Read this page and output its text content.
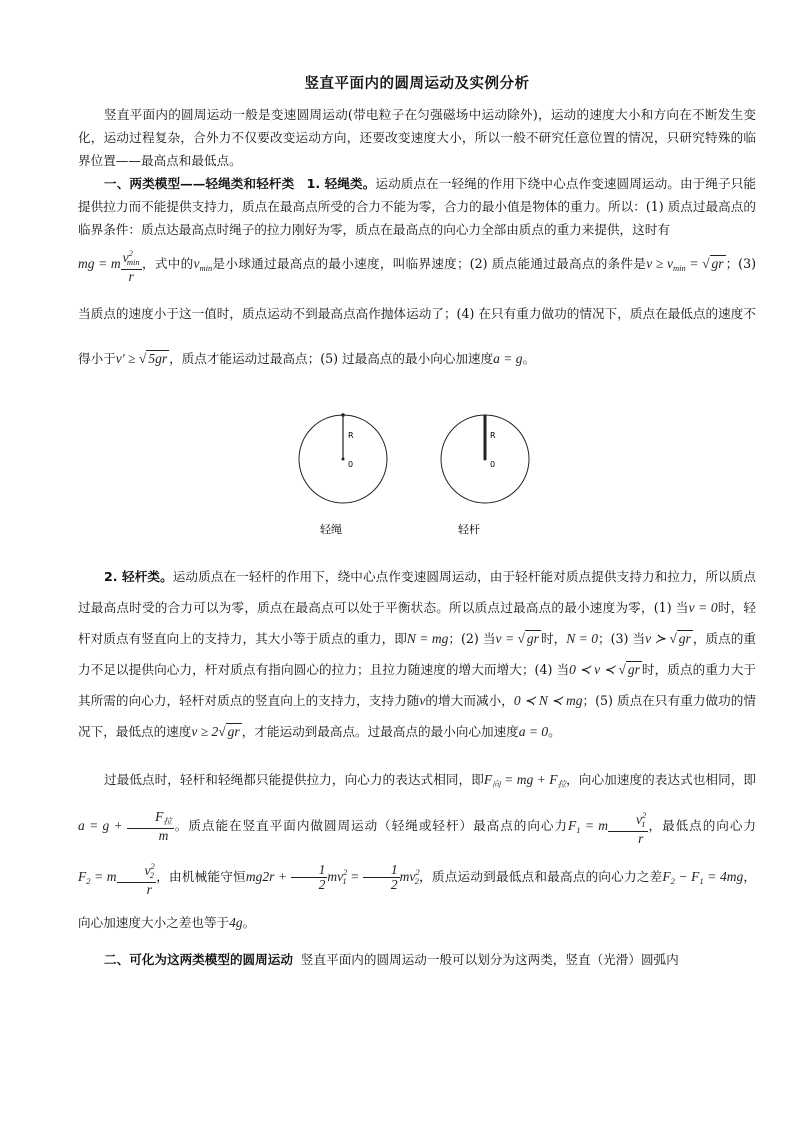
竖直平面内的圆周运动及实例分析

竖直平面内的圆周运动一般是变速圆周运动(带电粒子在匀强磁场中运动除外)，运动的速度大小和方向在不断发生变化，运动过程复杂，合外力不仅要改变运动方向，还要改变速度大小，所以一般不研究任意位置的情况，只研究特殊的临界位置——最高点和最低点。

一、两类模型——轻绳类和轻杆类 1. 轻绳类。运动质点在一轻绳的作用下绕中心点作变速圆周运动。由于绳子只能提供拉力而不能提供支持力，质点在最高点所受的合力不能为零，合力的最小值是物体的重力。所以：(1) 质点过最高点的临界条件：质点达最高点时绳子的拉力刚好为零，质点在最高点的向心力全部由质点的重力来提供，这时有

mg = m $\frac{v^2_{min}}{r}$ ，式中的$v_{min}$是小球通过最高点的最小速度，叫临界速度；(2) 质点能通过最高点的条件是$v \ge v_{min}$ = √ gr ；(3) 当质点的速度小于这一值时，质点运动不到最高点高作抛体运动了；(4) 在只有重力做功的情况下，质点在最低点的速度不得小于v′ ≥ √ 5gr ，质点才能运动过最高点；(5) 过最高点的最小向心加速度a = g。

R
0
轻绳
R
0
轻杆

2. 轻杆类。运动质点在一轻杆的作用下，绕中心点作变速圆周运动，由于轻杆能对质点提供支持力和拉力，所以质点过最高点时受的合力可以为零，质点在最高点可以处于平衡状态。所以质点过最高点的最小速度为零，(1) 当v = 0时，轻杆对质点有竖直向上的支持力，其大小等于质点的重力，即N = mg；(2) 当v = √ gr 时，N = 0；(3) 当v ≻ √ gr ，质点的重力不足以提供向心力，杆对质点有指向圆心的拉力；且拉力随速度的增大而增大；(4) 当0 ≺ v ≺ √ gr 时，质点的重力大于其所需的向心力，轻杆对质点的竖直向上的支持力，支持力随v的增大而减小，0 ≺ N ≺ mg；(5) 质点在只有重力做功的情况下，最低点的速度v ≥ 2√ gr ，才能运动到最高点。过最高点的最小向心加速度a = 0。

过最低点时，轻杆和轻绳都只能提供拉力，向心力的表达式相同，即$F_向$ = mg + $F_拉$，向心加速度的表达式也相同，即$a = g + \frac{F_拉}{m}$ 。质点能在竖直平面内做圆周运动（轻绳或轻杆）最高点的向心力$F_1 = m \frac{v^2_1}{r}$ ，最低点的向心力$F_2 = m \frac{v^2_2}{r}$ ，由机械能守恒$mg2r + \frac{1}{2} mv^2_1 = \frac{1}{2} mv^2_2$，质点运动到最低点和最高点的向心力之差$F_2 - F_1 = 4mg$，向心加速度大小之差也等于4g。

二、可化为这两类模型的圆周运动 竖直平面内的圆周运动一般可以划分为这两类，竖直（光滑）圆弧内
